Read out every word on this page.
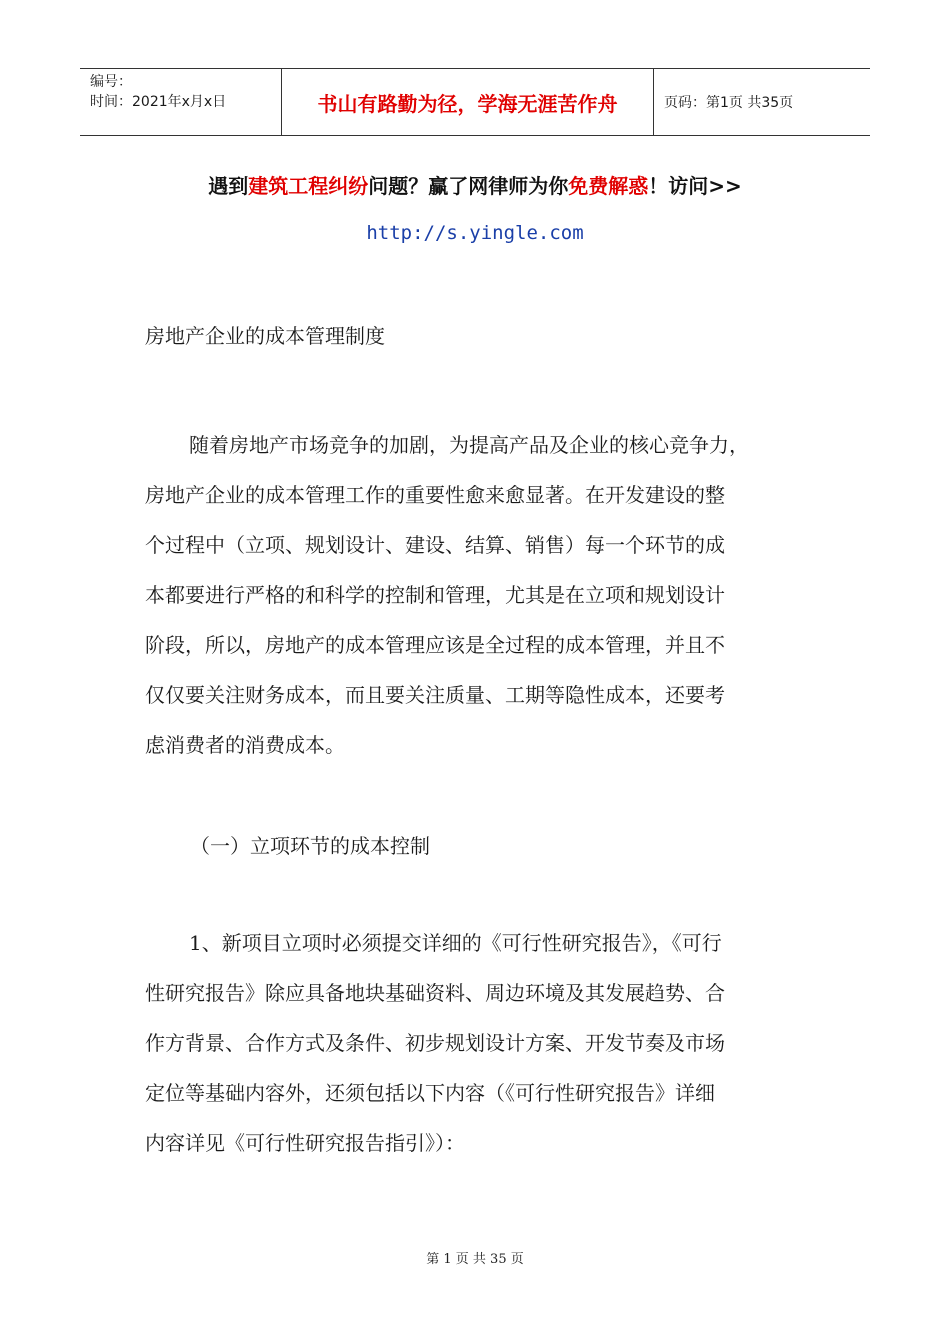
编号：
时间：2021年x月x日	书山有路勤为径，学海无涯苦作舟	页码：第1页 共35页
遇到建筑工程纠纷问题？赢了网律师为你免费解惑！访问>>
http://s.yingle.com
房地产企业的成本管理制度
随着房地产市场竞争的加剧，为提高产品及企业的核心竞争力，
房地产企业的成本管理工作的重要性愈来愈显著。在开发建设的整
个过程中（立项、规划设计、建设、结算、销售）每一个环节的成
本都要进行严格的和科学的控制和管理，尤其是在立项和规划设计
阶段，所以，房地产的成本管理应该是全过程的成本管理，并且不
仅仅要关注财务成本，而且要关注质量、工期等隐性成本，还要考
虑消费者的消费成本。
（一）立项环节的成本控制
1、新项目立项时必须提交详细的《可行性研究报告》，《可行
性研究报告》除应具备地块基础资料、周边环境及其发展趋势、合
作方背景、合作方式及条件、初步规划设计方案、开发节奏及市场
定位等基础内容外，还须包括以下内容（《可行性研究报告》详细
内容详见《可行性研究报告指引》）：
第 1 页 共 35 页
